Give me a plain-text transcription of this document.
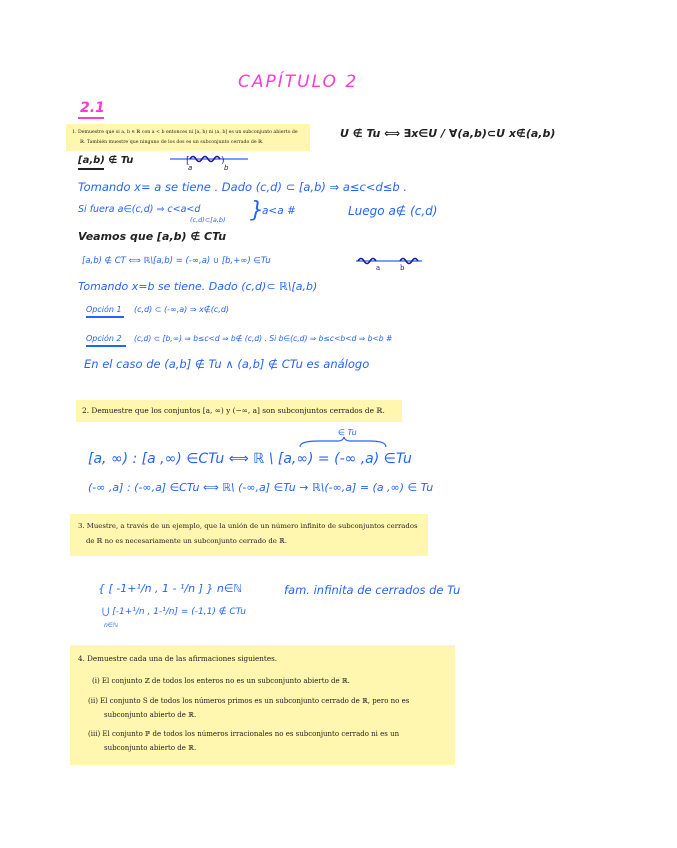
CAPÍTULO 2
2.1
1. Demuestre que si a, b ∈ ℝ con a < b entonces ni [a, b) ni (a, b] es un subconjunto abierto de
ℝ. También muestre que ninguno de los dos es un subconjunto cerrado de ℝ.
U ∉ Tu ⟺ ∃x∈U / ∀(a,b)⊂U x∉(a,b)
[a,b) ∉ Tu	[	)
a	b
Tomando x= a se tiene . Dado (c,d) ⊂ [a,b) ⇒ a≤c<d≤b .
Si fuera a∈(c,d) ⇒ c<a<d
(c,d)⊂[a,b) }
a<a #	Luego a∉ (c,d)
Veamos que [a,b) ∉ CTu
[a,b) ∉ CT ⟺ ℝ\[a,b) = (-∞,a) ∪ [b,+∞) ∈Tu
a	b
Tomando x=b se tiene. Dado (c,d)⊂ ℝ\[a,b)
Opción 1 (c,d) ⊂ (-∞,a) ⇒ x∉(c,d)
Opción 2 (c,d) ⊂ [b,∞) ⇒ b≤c<d ⇒ b∉ (c,d) . Si b∈(c,d) ⇒ b≤c<b<d ⇒ b<b #
En el caso de (a,b] ∉ Tu ∧ (a,b] ∉ CTu es análogo
2. Demuestre que los conjuntos [a, ∞) y (−∞, a] son subconjuntos cerrados de ℝ.
∈ Tu
[a, ∞) : [a ,∞) ∈CTu ⟺ ℝ \ [a,∞) = (-∞ ,a) ∈Tu
(-∞ ,a] : (-∞,a] ∈CTu ⟺ ℝ\ (-∞,a] ∈Tu → ℝ\(-∞,a] = (a ,∞) ∈ Tu
3. Muestre, a través de un ejemplo, que la unión de un número infinito de subconjuntos cerrados
de ℝ no es necesariamente un subconjunto cerrado de ℝ.
{ [ -1+¹/n , 1 - ¹/n ] } n∈ℕ	fam. infinita de cerrados de Tu
⋃ [-1+¹/n , 1-¹/n] = (-1,1) ∉ CTu
n∈ℕ
4. Demuestre cada una de las afirmaciones siguientes.
(i) El conjunto ℤ de todos los enteros no es un subconjunto abierto de ℝ.
(ii) El conjunto S de todos los números primos es un subconjunto cerrado de ℝ, pero no es
subconjunto abierto de ℝ.
(iii) El conjunto ℙ de todos los números irracionales no es subconjunto cerrado ni es un
subconjunto abierto de ℝ.
